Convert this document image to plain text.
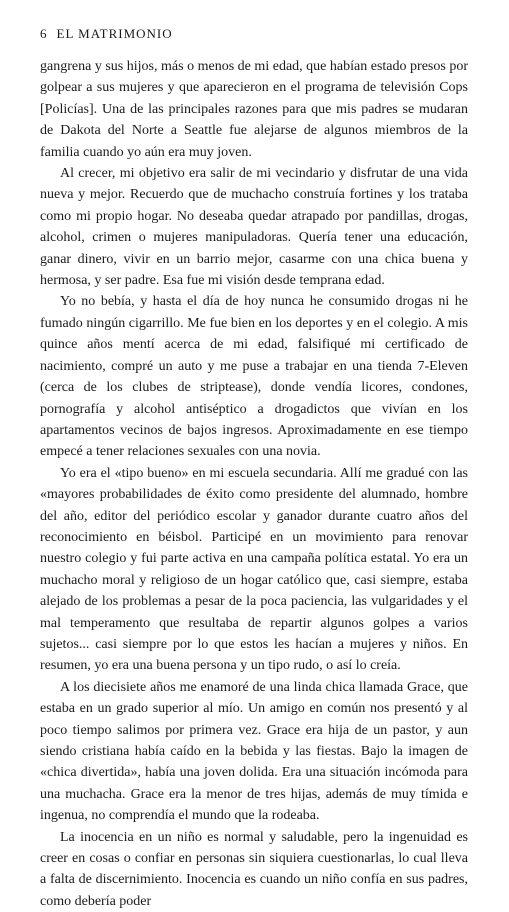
6 EL MATRIMONIO

gangrena y sus hijos, más o menos de mi edad, que habían estado presos por golpear a sus mujeres y que aparecieron en el programa de televisión Cops [Policías]. Una de las principales razones para que mis padres se mudaran de Dakota del Norte a Seattle fue alejarse de algunos miembros de la familia cuando yo aún era muy joven.

Al crecer, mi objetivo era salir de mi vecindario y disfrutar de una vida nueva y mejor. Recuerdo que de muchacho construía fortines y los trataba como mi propio hogar. No deseaba quedar atrapado por pandillas, drogas, alcohol, crimen o mujeres manipuladoras. Quería tener una educación, ganar dinero, vivir en un barrio mejor, casarme con una chica buena y hermosa, y ser padre. Esa fue mi visión desde temprana edad.

Yo no bebía, y hasta el día de hoy nunca he consumido drogas ni he fumado ningún cigarrillo. Me fue bien en los deportes y en el colegio. A mis quince años mentí acerca de mi edad, falsifiqué mi certificado de nacimiento, compré un auto y me puse a trabajar en una tienda 7-Eleven (cerca de los clubes de striptease), donde vendía licores, condones, pornografía y alcohol antiséptico a drogadictos que vivían en los apartamentos vecinos de bajos ingresos. Aproximadamente en ese tiempo empecé a tener relaciones sexuales con una novia.

Yo era el «tipo bueno» en mi escuela secundaria. Allí me gradué con las «mayores probabilidades de éxito como presidente del alumnado, hombre del año, editor del periódico escolar y ganador durante cuatro años del reconocimiento en béisbol. Participé en un movimiento para renovar nuestro colegio y fui parte activa en una campaña política estatal. Yo era un muchacho moral y religioso de un hogar católico que, casi siempre, estaba alejado de los problemas a pesar de la poca paciencia, las vulgaridades y el mal temperamento que resultaba de repartir algunos golpes a varios sujetos... casi siempre por lo que estos les hacían a mujeres y niños. En resumen, yo era una buena persona y un tipo rudo, o así lo creía.

A los diecisiete años me enamoré de una linda chica llamada Grace, que estaba en un grado superior al mío. Un amigo en común nos presentó y al poco tiempo salimos por primera vez. Grace era hija de un pastor, y aun siendo cristiana había caído en la bebida y las fiestas. Bajo la imagen de «chica divertida», había una joven dolida. Era una situación incómoda para una muchacha. Grace era la menor de tres hijas, además de muy tímida e ingenua, no comprendía el mundo que la rodeaba.

La inocencia en un niño es normal y saludable, pero la ingenuidad es creer en cosas o confiar en personas sin siquiera cuestionarlas, lo cual lleva a falta de discernimiento. Inocencia es cuando un niño confía en sus padres, como debería poder
